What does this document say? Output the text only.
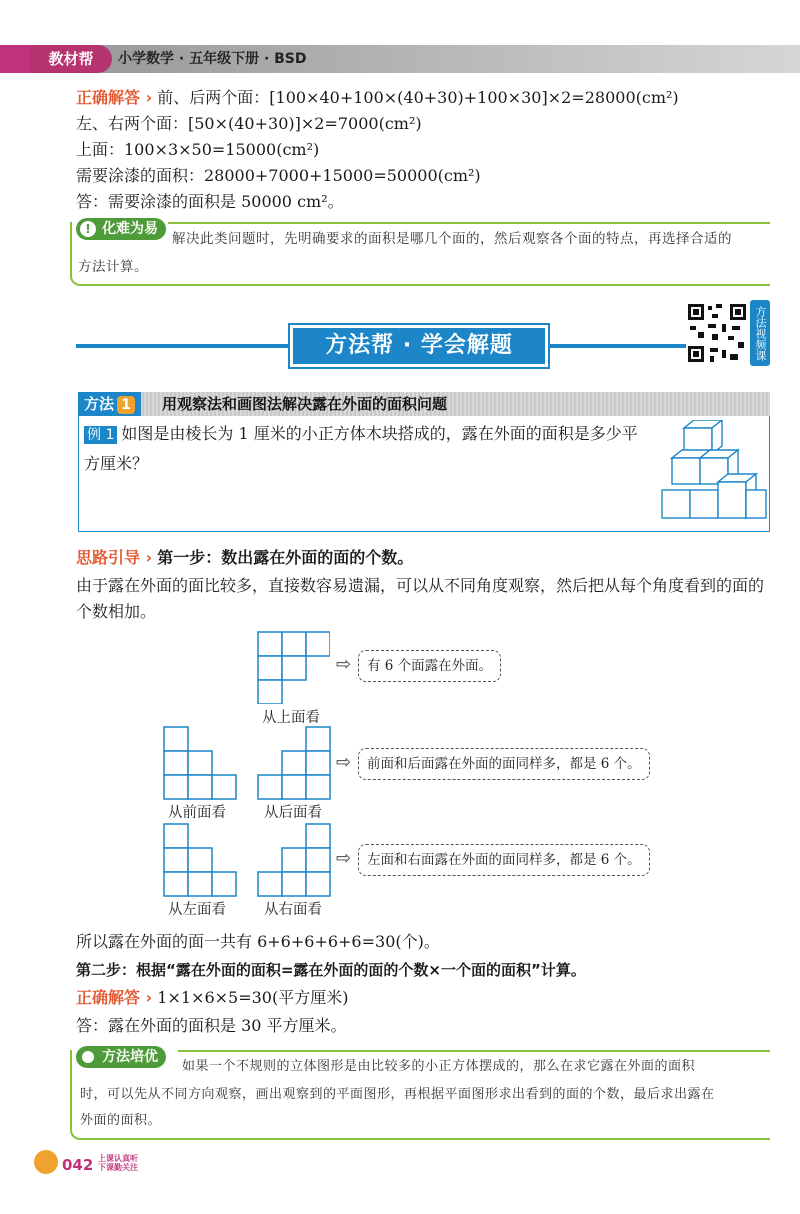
教材帮	小学数学 · 五年级下册 · BSD
正确解答 › 前、后两个面：[100×40+100×(40+30)+100×30]×2=28000(cm²)
左、右两个面：[50×(40+30)]×2=7000(cm²)
上面：100×3×50=15000(cm²)
需要涂漆的面积：28000+7000+15000=50000(cm²)
答：需要涂漆的面积是 50000 cm²。
化难为易
!
解决此类问题时，先明确要求的面积是哪几个面的，然后观察各个面的特点，再选择合适的
方法计算。
方法帮 · 学会解题	方法视频课
方法 1	用观察法和画图法解决露在外面的面积问题
例 1 如图是由棱长为 1 厘米的小正方体木块搭成的，露在外面的面积是多少平
方厘米？
思路引导 › 第一步：数出露在外面的面的个数。
由于露在外面的面比较多，直接数容易遗漏，可以从不同角度观察，然后把从每个角度看到的面的
个数相加。
从上面看
⇨	有 6 个面露在外面。
从前面看	从后面看
⇨	前面和后面露在外面的面同样多，都是 6 个。
从左面看	从右面看
⇨	左面和右面露在外面的面同样多，都是 6 个。
所以露在外面的面一共有 6+6+6+6+6=30(个)。
第二步：根据“露在外面的面积=露在外面的面的个数×一个面的面积”计算。
正确解答 › 1×1×6×5=30(平方厘米)
答：露在外面的面积是 30 平方厘米。
方法培优
如果一个不规则的立体图形是由比较多的小正方体摆成的，那么在求它露在外面的面积
时，可以先从不同方向观察，画出观察到的平面图形，再根据平面图形求出看到的面的个数，最后求出露在
外面的面积。
042 上课认真听
下课勤关注
